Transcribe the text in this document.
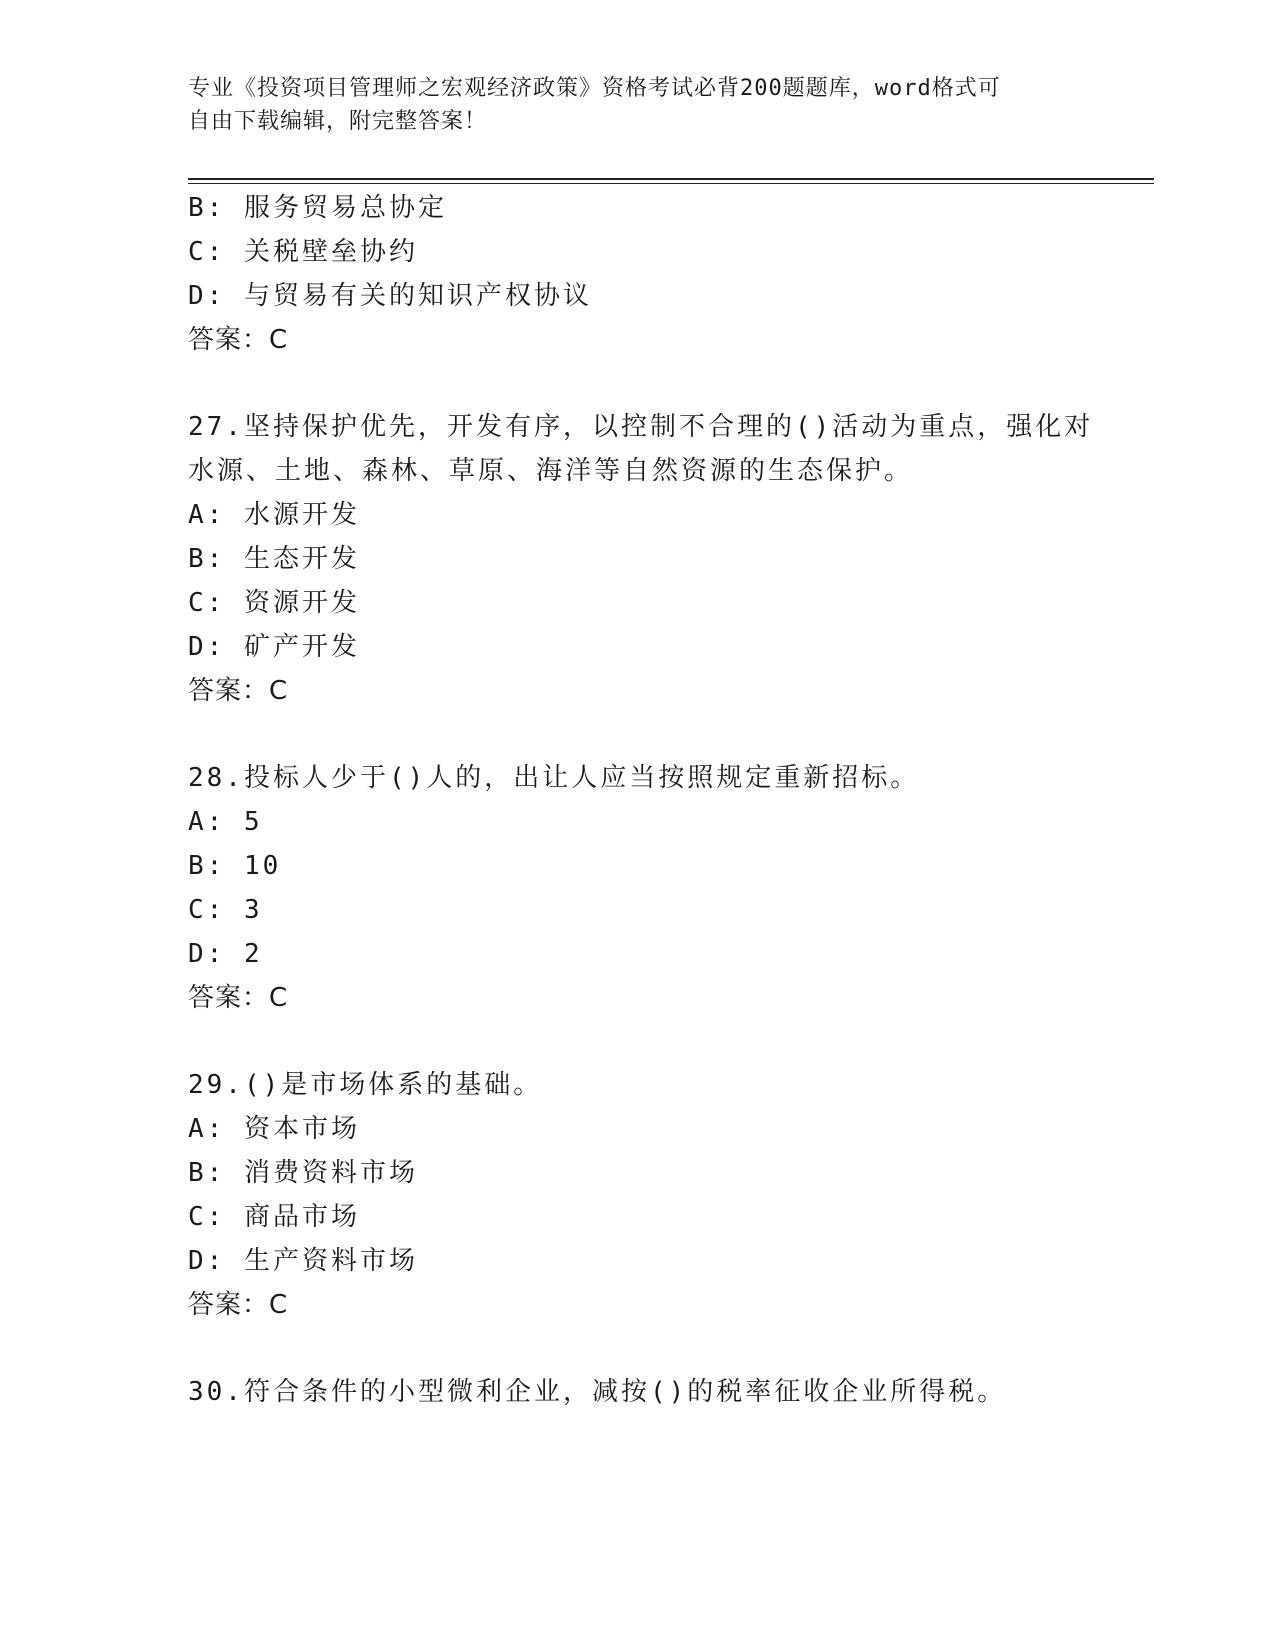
专业《投资项目管理师之宏观经济政策》资格考试必背200题题库，word格式可
自由下载编辑，附完整答案！
B: 服务贸易总协定
C: 关税壁垒协约
D: 与贸易有关的知识产权协议
答案：C
27.坚持保护优先，开发有序，以控制不合理的()活动为重点，强化对
水源、土地、森林、草原、海洋等自然资源的生态保护。
A: 水源开发
B: 生态开发
C: 资源开发
D: 矿产开发
答案：C
28.投标人少于()人的，出让人应当按照规定重新招标。
A: 5
B: 10
C: 3
D: 2
答案：C
29.()是市场体系的基础。
A: 资本市场
B: 消费资料市场
C: 商品市场
D: 生产资料市场
答案：C
30.符合条件的小型微利企业，减按()的税率征收企业所得税。
